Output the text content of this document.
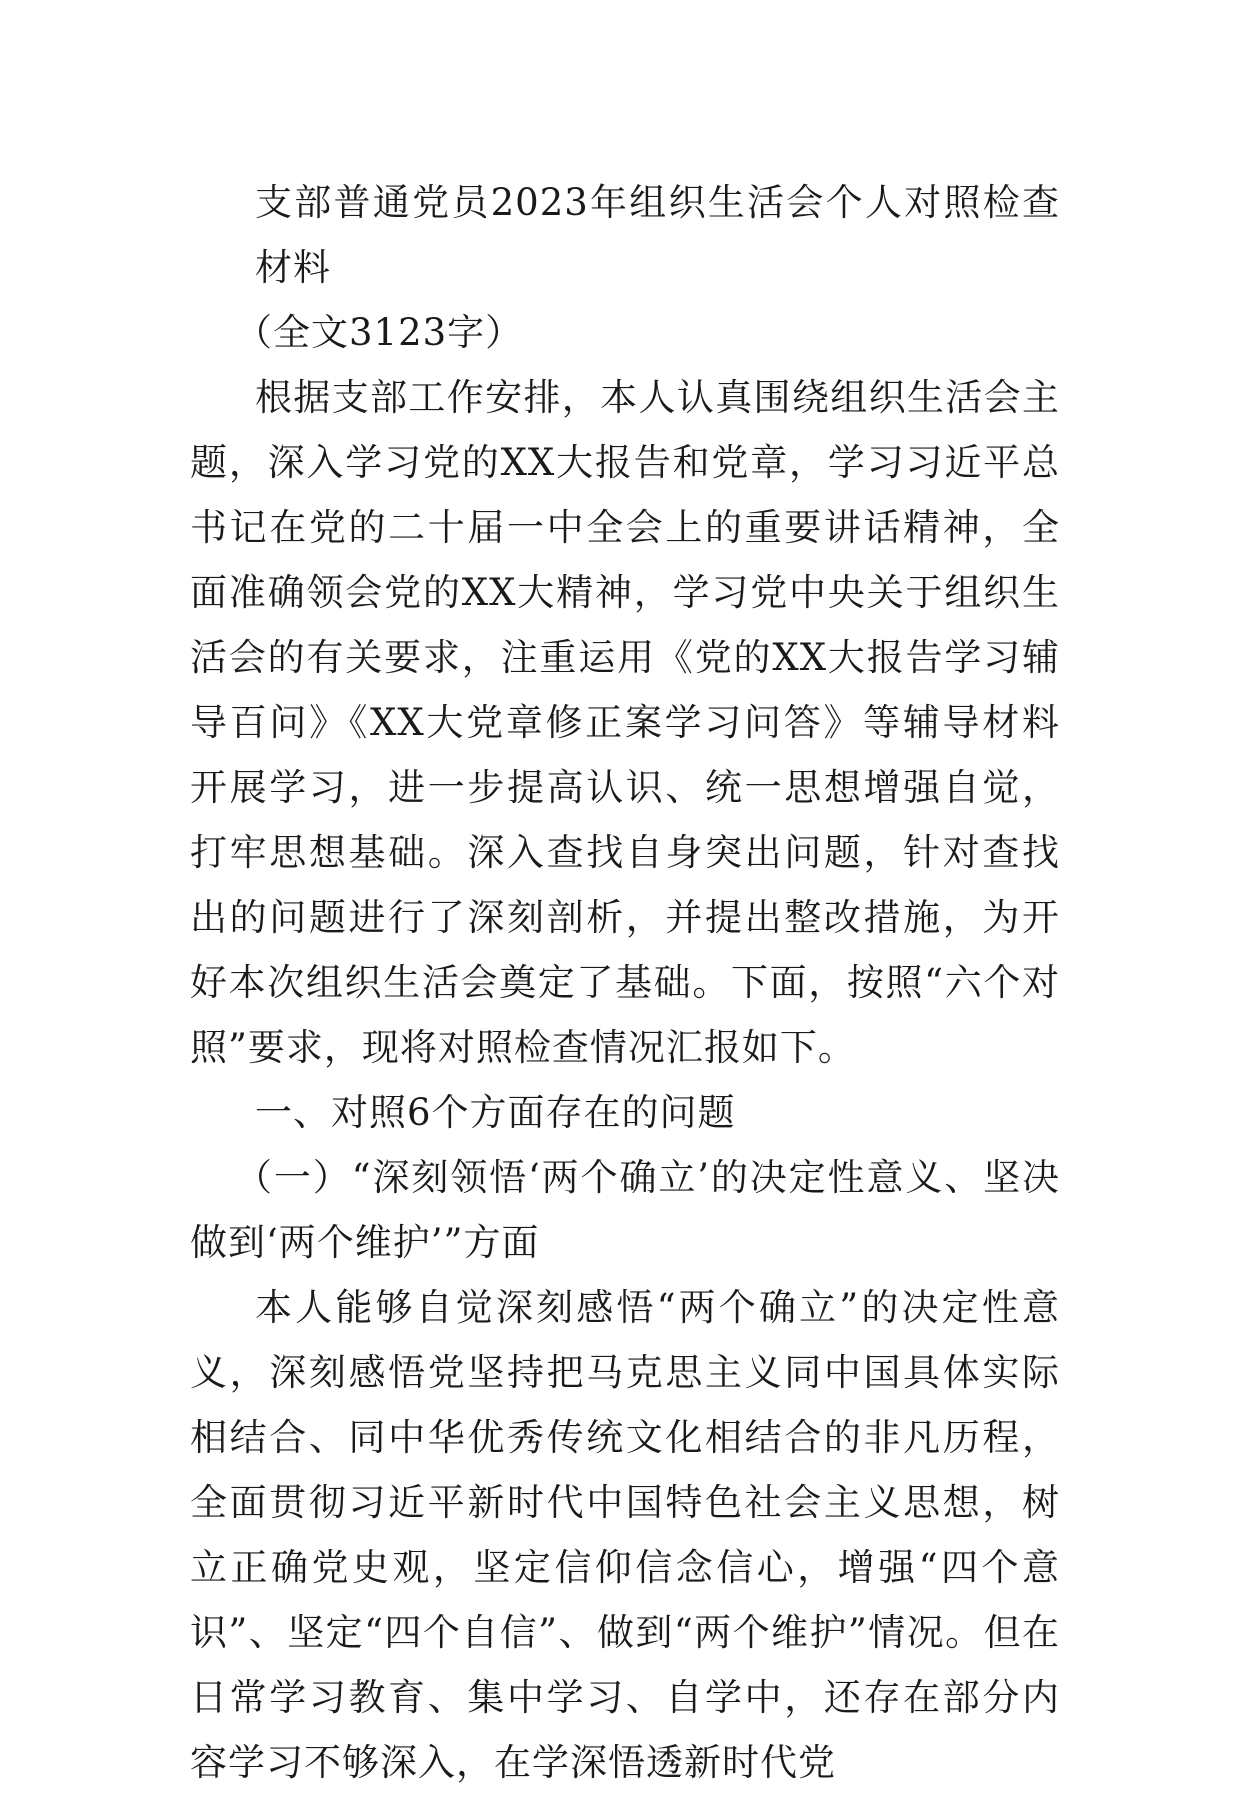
支部普通党员2023年组织生活会个人对照检查材料

（全文3123字）

根据支部工作安排，本人认真围绕组织生活会主题，深入学习党的XX大报告和党章，学习习近平总书记在党的二十届一中全会上的重要讲话精神，全面准确领会党的XX大精神，学习党中央关于组织生活会的有关要求，注重运用《党的XX大报告学习辅导百问》《XX大党章修正案学习问答》等辅导材料开展学习，进一步提高认识、统一思想增强自觉，打牢思想基础。深入查找自身突出问题，针对查找出的问题进行了深刻剖析，并提出整改措施，为开好本次组织生活会奠定了基础。下面，按照“六个对照”要求，现将对照检查情况汇报如下。

一、对照6个方面存在的问题

（一）“深刻领悟‘两个确立’的决定性意义、坚决做到‘两个维护’”方面

本人能够自觉深刻感悟“两个确立”的决定性意义，深刻感悟党坚持把马克思主义同中国具体实际相结合、同中华优秀传统文化相结合的非凡历程，全面贯彻习近平新时代中国特色社会主义思想，树立正确党史观，坚定信仰信念信心，增强“四个意识”、坚定“四个自信”、做到“两个维护”情况。但在日常学习教育、集中学习、自学中，还存在部分内容学习不够深入，在学深悟透新时代党
